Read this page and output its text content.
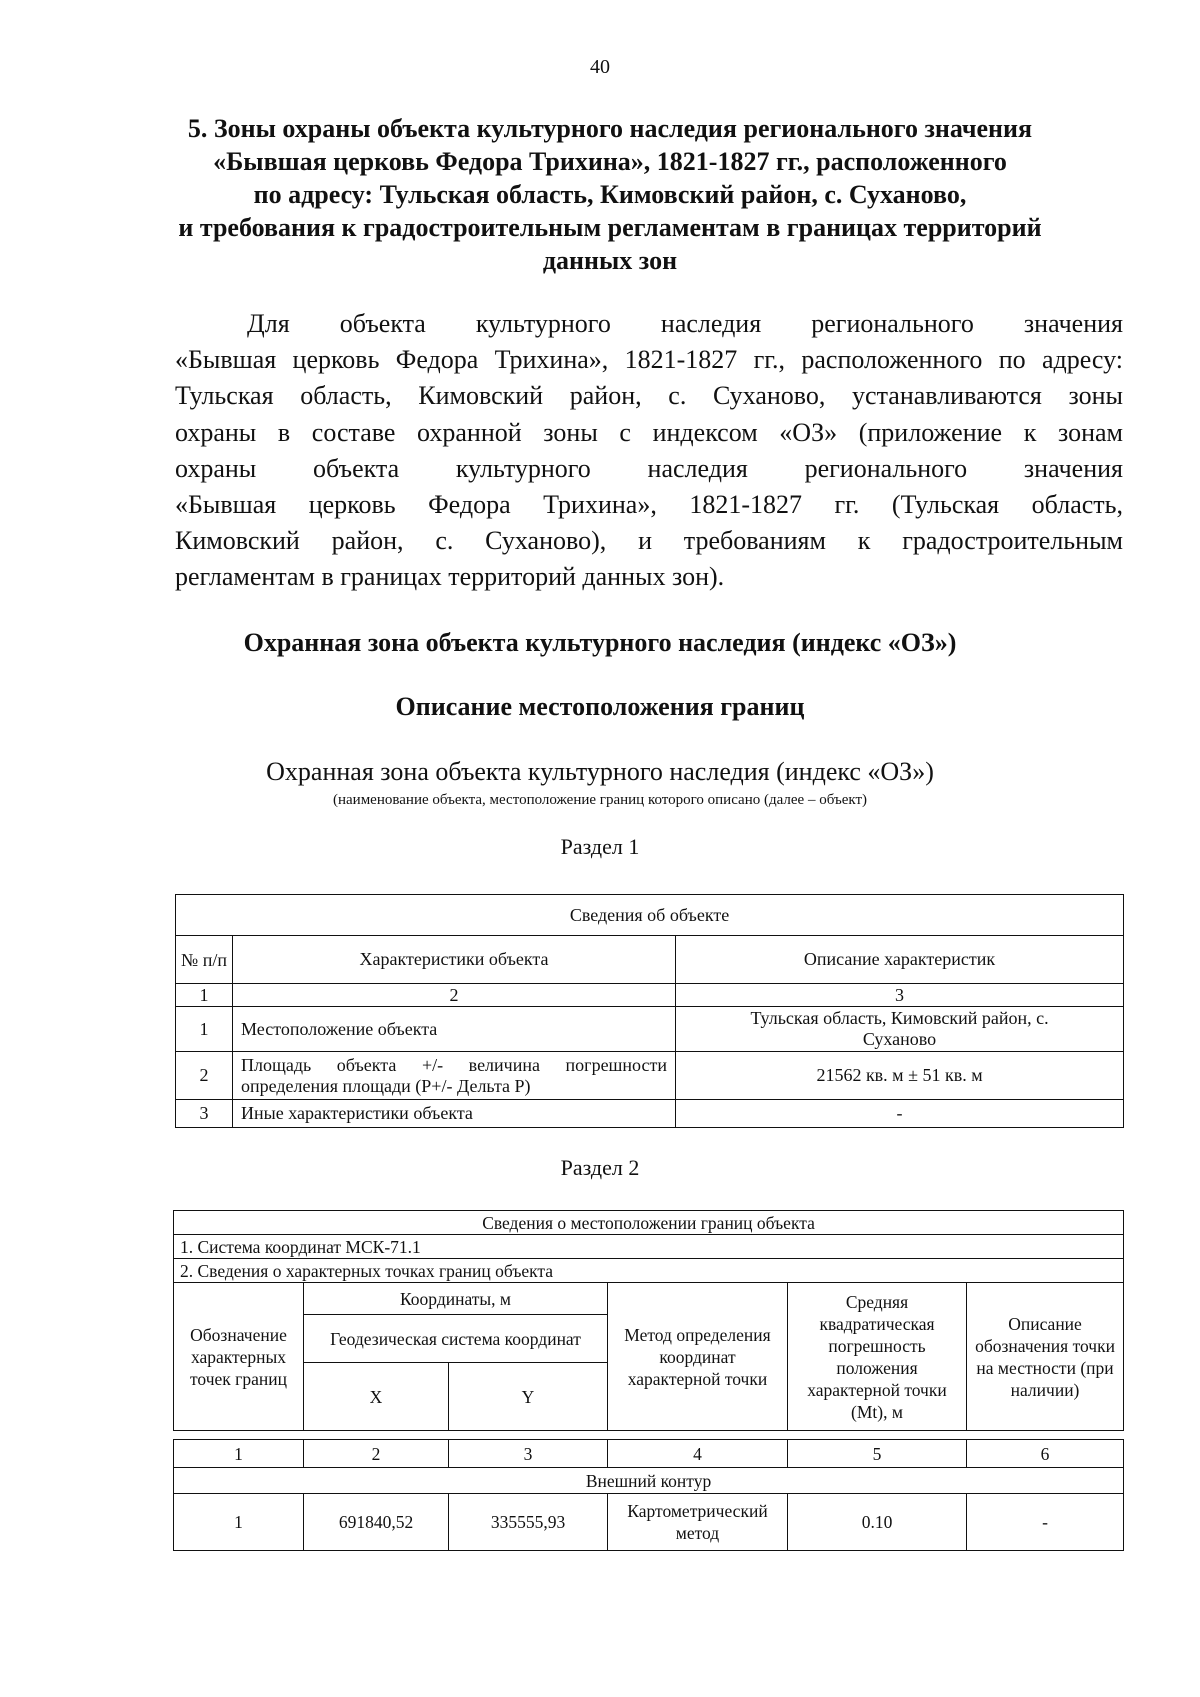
40
5. Зоны охраны объекта культурного наследия регионального значения
«Бывшая церковь Федора Трихина», 1821-1827 гг., расположенного
по адресу: Тульская область, Кимовский район, с. Суханово,
и требования к градостроительным регламентам в границах территорий
данных зон
Для объекта культурного наследия регионального значения
«Бывшая церковь Федора Трихина», 1821-1827 гг., расположенного по адресу:
Тульская область, Кимовский район, с. Суханово, устанавливаются зоны
охраны в составе охранной зоны с индексом «ОЗ» (приложение к зонам
охраны объекта культурного наследия регионального значения
«Бывшая церковь Федора Трихина», 1821-1827 гг. (Тульская область,
Кимовский район, с. Суханово), и требованиям к градостроительным
регламентам в границах территорий данных зон).
Охранная зона объекта культурного наследия (индекс «ОЗ»)
Описание местоположения границ
Охранная зона объекта культурного наследия (индекс «ОЗ»)
(наименование объекта, местоположение границ которого описано (далее – объект)
Раздел 1
Сведения об объекте		
№ п/п	Характеристики объекта	Описание характеристик
1	2	3
1	Местоположение объекта	Тульская область, Кимовский район, с. Суханово
2	Площадь объекта +/- величина погрешности определения площади (Р+/- Дельта Р)	21562 кв. м ± 51 кв. м
3	Иные характеристики объекта	-
Раздел 2
Сведения о местоположении границ объекта					
1. Система координат МСК-71.1					
2. Сведения о характерных точках границ объекта					
Обозначение характерных точек границ	Координаты, м		Метод определения координат характерной точки	Средняя квадратическая погрешность положения характерной точки (Mt), м	Описание обозначения точки на местности (при наличии)
	Геодезическая система координат				
	X	Y			

1	2	3	4	5	6
Внешний контур					
1	691840,52	335555,93	Картометрический метод	0.10	-
